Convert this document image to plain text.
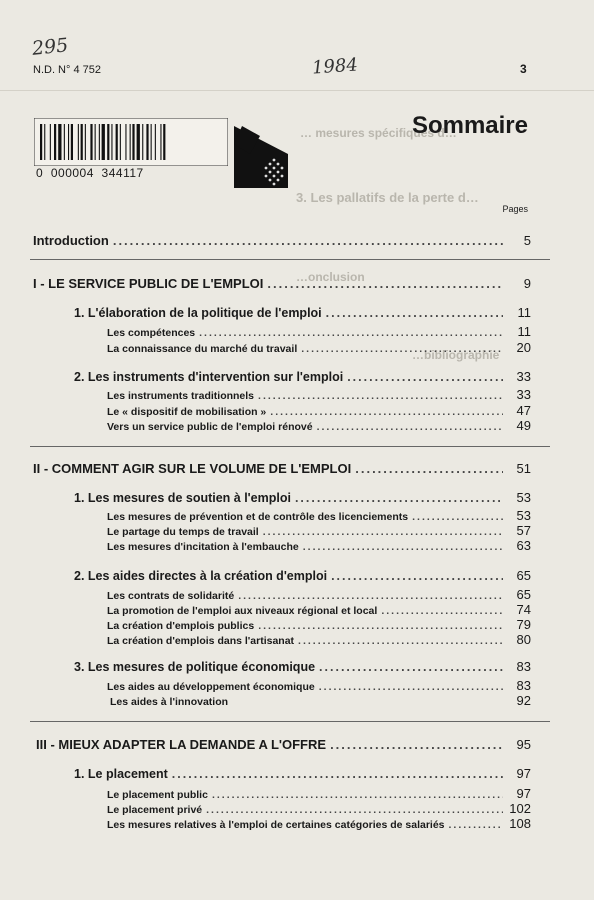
295
1984
N.D. N° 4 752	3
… mesures spécifiques d…
3. Les pallatifs de la perte d…
…onclusion
…bibliographie
0  000004  344117
Sommaire
Pages
Introduction .....	5
I - LE SERVICE PUBLIC DE L'EMPLOI .....	9
1. L'élaboration de la politique de l'emploi .....	11
Les compétences .....	11
La connaissance du marché du travail .....	20
2. Les instruments d'intervention sur l'emploi .....	33
Les instruments traditionnels .....	33
Le « dispositif de mobilisation » .....	47
Vers un service public de l'emploi rénové .....	49
II - COMMENT AGIR SUR LE VOLUME DE L'EMPLOI .....	51
1. Les mesures de soutien à l'emploi .....	53
Les mesures de prévention et de contrôle des licenciements .....	53
Le partage du temps de travail .....	57
Les mesures d'incitation à l'embauche .....	63
2. Les aides directes à la création d'emploi .....	65
Les contrats de solidarité .....	65
La promotion de l'emploi aux niveaux régional et local .....	74
La création d'emplois publics .....	79
La création d'emplois dans l'artisanat .....	80
3. Les mesures de politique économique .....	83
Les aides au développement économique .....	83
Les aides à l'innovation	92
III - MIEUX ADAPTER LA DEMANDE A L'OFFRE .....	95
1. Le placement .....	97
Le placement public .....	97
Le placement privé .....	102
Les mesures relatives à l'emploi de certaines catégories de salariés .....	108
